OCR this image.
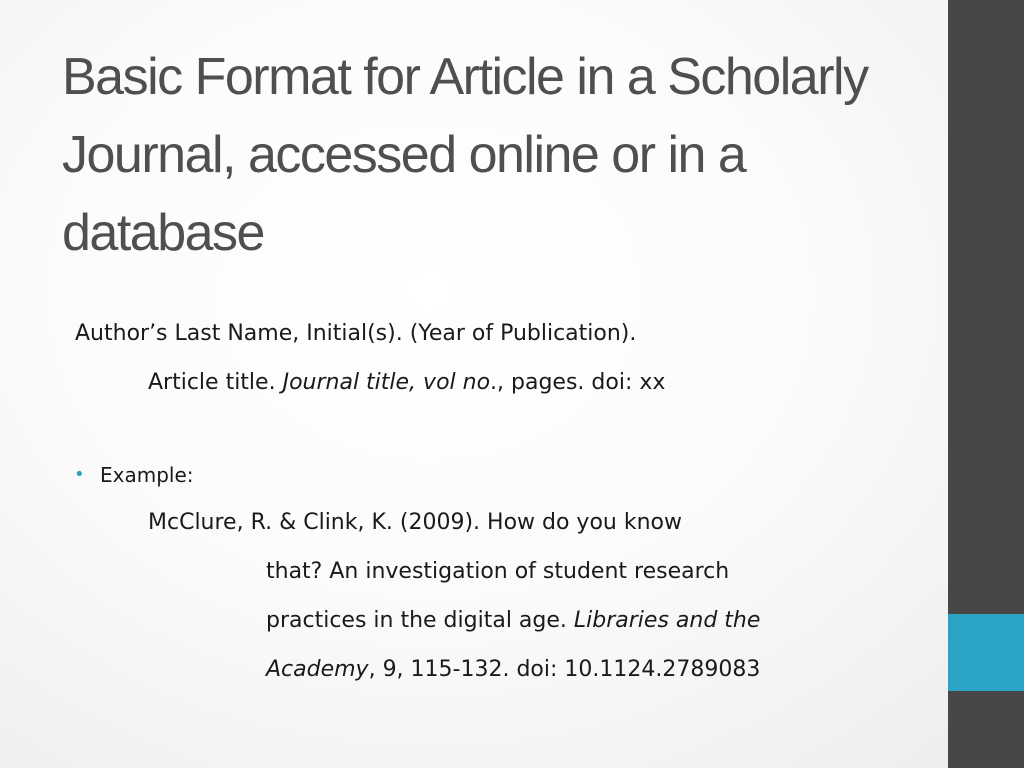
Basic Format for Article in a Scholarly Journal, accessed online or in a database
Author’s Last Name, Initial(s). (Year of Publication).
Article title. Journal title, vol no., pages. doi: xx
• Example:
McClure, R. & Clink, K. (2009). How do you know
that? An investigation of student research
practices in the digital age. Libraries and the
Academy, 9, 115-132. doi: 10.1124.2789083
